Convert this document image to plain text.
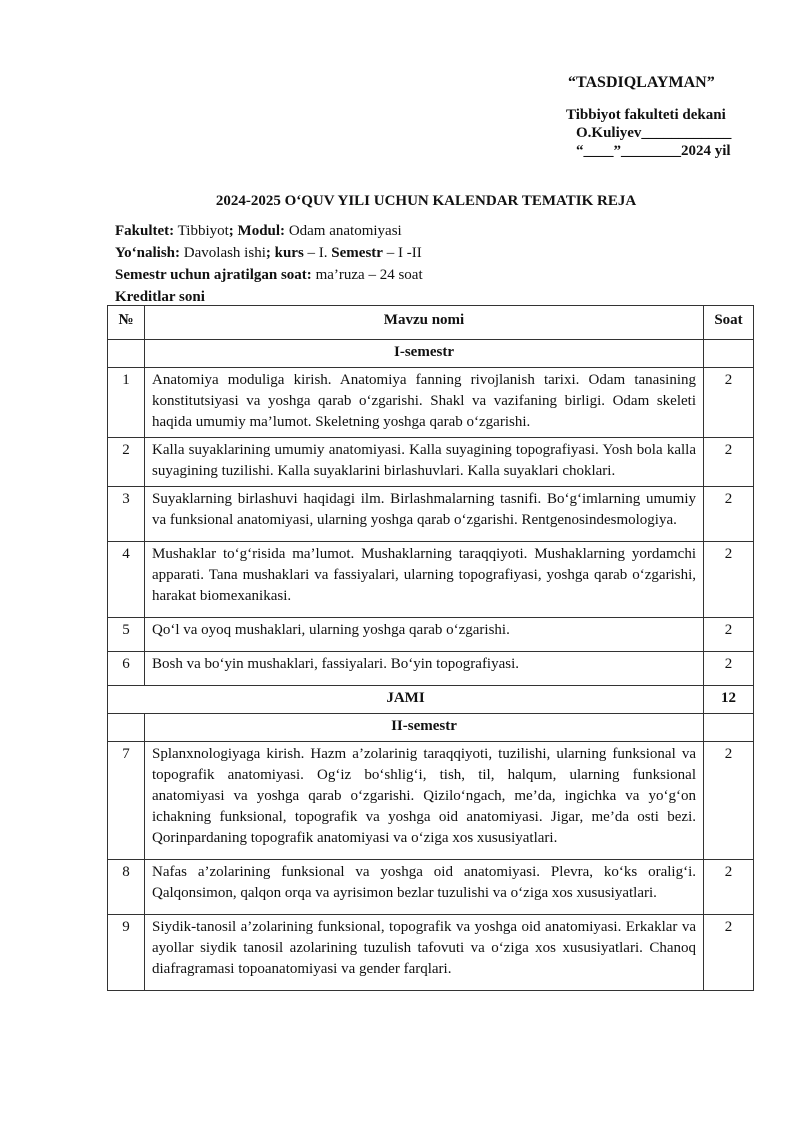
“TASDIQLAYMAN”
Tibbiyot fakulteti dekani
O.Kuliyev____________
“____”________2024 yil
2024-2025 O‘QUV YILI UCHUN KALENDAR TEMATIK REJA
Fakultet: Tibbiyot; Modul: Odam anatomiyasi
Yo‘nalish: Davolash ishi; kurs – I. Semestr – I -II
Semestr uchun ajratilgan soat: ma’ruza – 24 soat
Kreditlar soni
№	Mavzu nomi	Soat
	I-semestr	
1	Anatomiya moduliga kirish. Anatomiya fanning rivojlanish tarixi. Odam tanasining konstitutsiyasi va yoshga qarab o‘zgarishi. Shakl va vazifaning birligi. Odam skeleti haqida umumiy ma’lumot. Skeletning yoshga qarab o‘zgarishi.	2
2	Kalla suyaklarining umumiy anatomiyasi. Kalla suyagining topografiyasi. Yosh bola kalla suyagining tuzilishi. Kalla suyaklarini birlashuvlari. Kalla suyaklari choklari.	2
3	Suyaklarning birlashuvi haqidagi ilm. Birlashmalarning tasnifi. Bo‘g‘imlarning umumiy va funksional anatomiyasi, ularning yoshga qarab o‘zgarishi. Rentgenosindesmologiya.	2
4	Mushaklar to‘g‘risida ma’lumot. Mushaklarning taraqqiyoti. Mushaklarning yordamchi apparati. Tana mushaklari va fassiyalari, ularning topografiyasi, yoshga qarab o‘zgarishi, harakat biomexanikasi.	2
5	Qo‘l va oyoq mushaklari, ularning yoshga qarab o‘zgarishi.	2
6	Bosh va bo‘yin mushaklari, fassiyalari. Bo‘yin topografiyasi.	2
JAMI		12
	II-semestr	
7	Splanxnologiyaga kirish. Hazm a’zolarinig taraqqiyoti, tuzilishi, ularning funksional va topografik anatomiyasi. Og‘iz bo‘shlig‘i, tish, til, halqum, ularning funksional anatomiyasi va yoshga qarab o‘zgarishi. Qizilo‘ngach, me’da, ingichka va yo‘g‘on ichakning funksional, topografik va yoshga oid anatomiyasi. Jigar, me’da osti bezi. Qorinpardaning topografik anatomiyasi va o‘ziga xos xususiyatlari.	2
8	Nafas a’zolarining funksional va yoshga oid anatomiyasi. Plevra, ko‘ks oralig‘i. Qalqonsimon, qalqon orqa va ayrisimon bezlar tuzulishi va o‘ziga xos xususiyatlari.	2
9	Siydik-tanosil a’zolarining funksional, topografik va yoshga oid anatomiyasi. Erkaklar va ayollar siydik tanosil azolarining tuzulish tafovuti va o‘ziga xos xususiyatlari. Chanoq diafragramasi topoanatomiyasi va gender farqlari.	2
